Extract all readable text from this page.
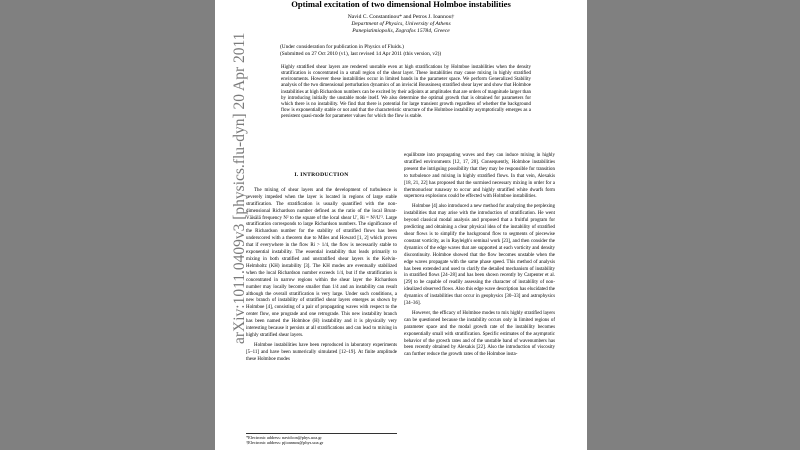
Optimal excitation of two dimensional Holmboe instabilities
Navid C. Constantinou* and Petros J. Ioannou†
Department of Physics, University of Athens
Panepistimiopolis, Zografos 15784, Greece
(Under consideration for publication in Physics of Fluids.)
(Submitted on 27 Oct 2010 (v1), last revised 14 Apr 2011 (this version, v2))
Highly stratified shear layers are rendered unstable even at high stratifications by Holmboe instabilities when the density stratification is concentrated in a small region of the shear layer. These instabilities may cause mixing in highly stratified environments. However these instabilities occur in limited bands in the parameter space. We perform Generalized Stability analysis of the two dimensional perturbation dynamics of an inviscid Boussinesq stratified shear layer and show that Holmboe instabilities at high Richardson numbers can be excited by their adjoints at amplitudes that are orders of magnitude larger than by introducing initially the unstable mode itself. We also determine the optimal growth that is obtained for parameters for which there is no instability. We find that there is potential for large transient growth regardless of whether the background flow is exponentially stable or not and that the characteristic structure of the Holmboe instability asymptotically emerges as a persistent quasi-mode for parameter values for which the flow is stable.
I. INTRODUCTION

The mixing of shear layers and the development of turbulence is severely impeded when the layer is located in regions of large stable stratification. The stratification is usually quantified with the non-dimensional Richardson number defined as the ratio of the local Brunt-Väisälä frequency N² to the square of the local shear U′, Ri = N²/U′². Large stratification corresponds to large Richardson numbers. The significance of the Richardson number for the stability of stratified flows has been underscored with a theorem due to Miles and Howard [1, 2] which proves that if everywhere in the flow Ri > 1/4, the flow is necessarily stable to exponential instability. The essential instability that leads primarily to mixing in both stratified and unstratified shear layers is the Kelvin-Helmholtz (KH) instability [3]. The KH modes are eventually stabilized when the local Richardson number exceeds 1/4, but if the stratification is concentrated in narrow regions within the shear layer the Richardson number may locally become smaller than 1/4 and an instability can result although the overall stratification is very large. Under such conditions, a new branch of instability of stratified shear layers emerges as shown by Holmboe [4], consisting of a pair of propagating waves with respect to the center flow, one prograde and one retrograde. This new instability branch has been named the Holmboe (H) instability and it is physically very interesting because it persists at all stratifications and can lead to mixing in highly stratified shear layers.

Holmboe instabilities have been reproduced in laboratory experiments [5–11] and have been numerically simulated [12–19]. At finite amplitude these Holmboe modes

equilibrate into propagating waves and they can induce mixing in highly stratified environments [12, 17, 20]. Consequently, Holmboe instabilities present the intriguing possibility that they may be responsible for transition to turbulence and mixing in highly stratified flows. In that vein, Alexakis [18, 21, 22] has proposed that the surmised necessary mixing in order for a thermonuclear runaway to occur and highly stratified white dwarfs form supernova explosions could be effected with Holmboe instabilities.

Holmboe [4] also introduced a new method for analyzing the perplexing instabilities that may arise with the introduction of stratification. He went beyond classical modal analysis and proposed that a fruitful program for predicting and obtaining a clear physical idea of the instability of stratified shear flows is to simplify the background flow to segments of piecewise constant vorticity, as in Rayleigh's seminal work [23], and then consider the dynamics of the edge waves that are supported at each vorticity and density discontinuity. Holmboe showed that the flow becomes unstable when the edge waves propagate with the same phase speed. This method of analysis has been extended and used to clarify the detailed mechanism of instability in stratified flows [24–28] and has been shown recently by Carpenter et al. [29] to be capable of readily assessing the character of instability of non-idealized observed flows. Also this edge wave description has elucidated the dynamics of instabilities that occur in geophysics [30–33] and astrophysics [34–36].

However, the efficacy of Holmboe modes to mix highly stratified layers can be questioned because the instability occurs only in limited regions of parameter space and the modal growth rate of the instability becomes exponentially small with stratification. Specific estimates of the asymptotic behavior of the growth rates and of the unstable band of wavenumbers has been recently obtained by Alexakis [22]. Also the introduction of viscosity can further reduce the growth rates of the Holmboe insta-

*Electronic address: navidcon@phys.uoa.gr
†Electronic address: pjioannou@phys.uoa.gr
arXiv:1011.0409v3 [physics.flu-dyn] 20 Apr 2011
